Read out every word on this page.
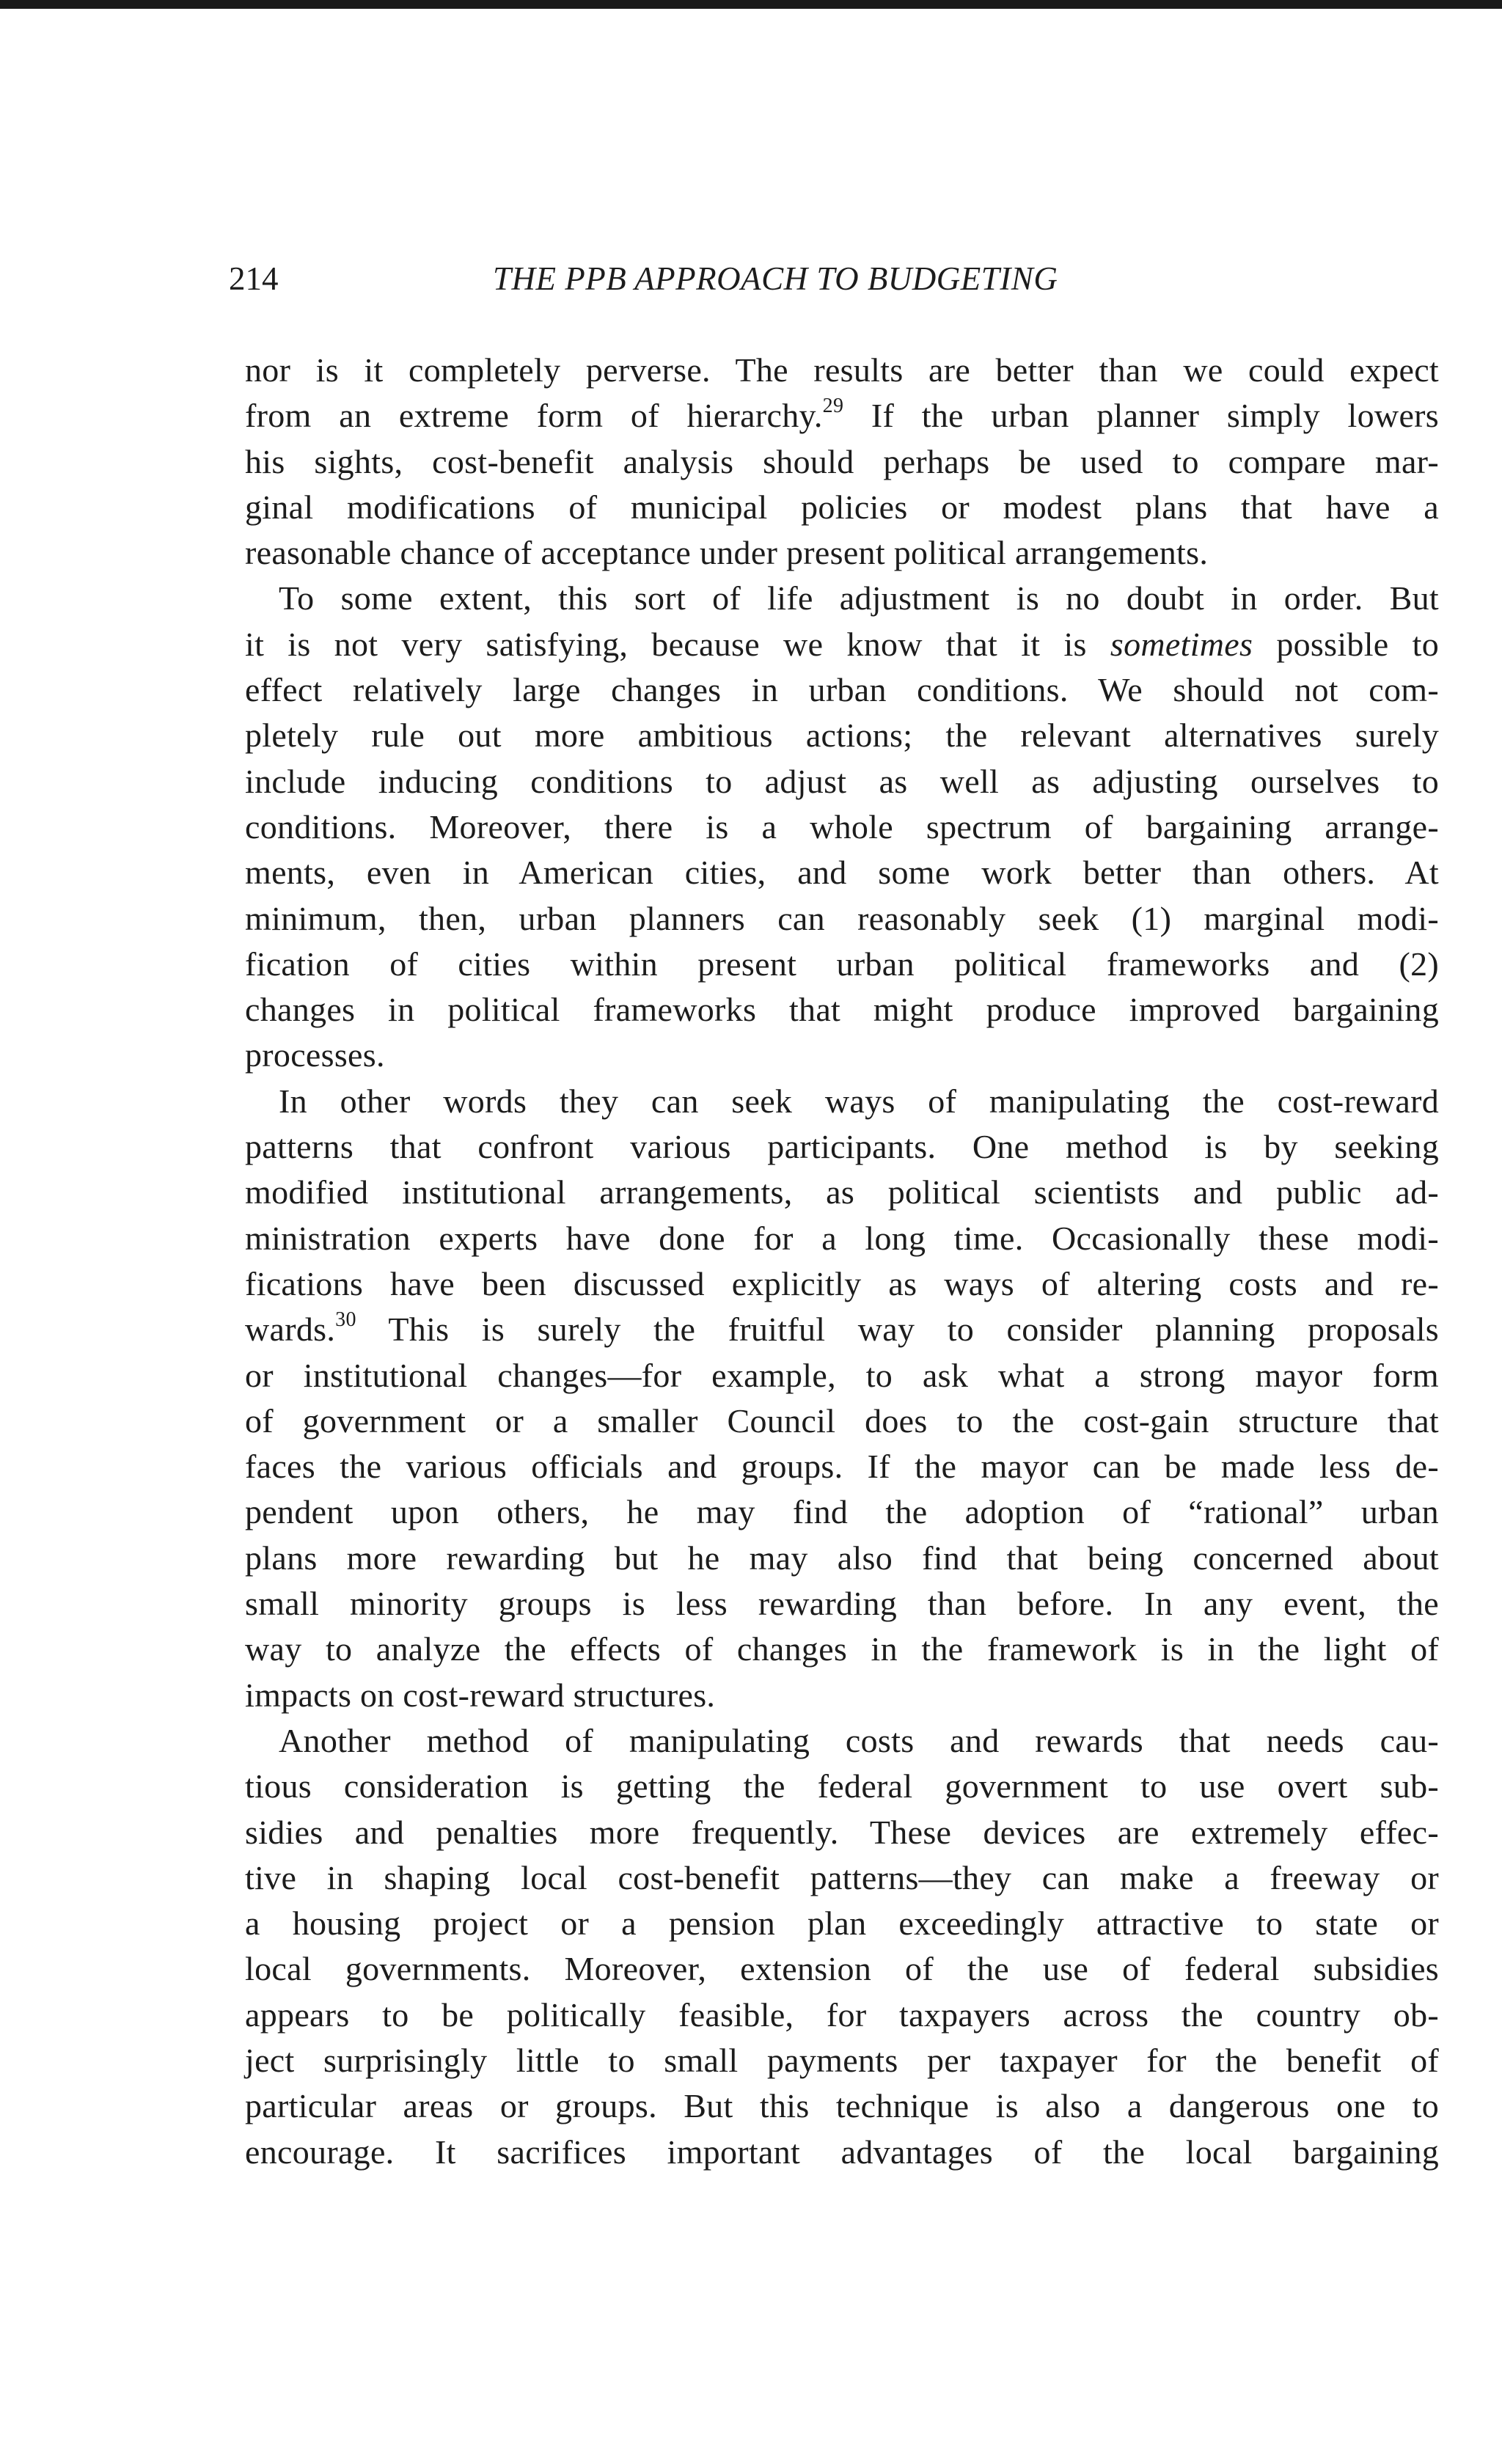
214	THE PPB APPROACH TO BUDGETING
nor is it completely perverse. The results are better than we could expect
from an extreme form of hierarchy.$^{29}$ If the urban planner simply lowers
his sights, cost-benefit analysis should perhaps be used to compare mar-
ginal modifications of municipal policies or modest plans that have a
reasonable chance of acceptance under present political arrangements.
To some extent, this sort of life adjustment is no doubt in order. But
it is not very satisfying, because we know that it is sometimes possible to
effect relatively large changes in urban conditions. We should not com-
pletely rule out more ambitious actions; the relevant alternatives surely
include inducing conditions to adjust as well as adjusting ourselves to
conditions. Moreover, there is a whole spectrum of bargaining arrange-
ments, even in American cities, and some work better than others. At
minimum, then, urban planners can reasonably seek (1) marginal modi-
fication of cities within present urban political frameworks and (2)
changes in political frameworks that might produce improved bargaining
processes.
In other words they can seek ways of manipulating the cost-reward
patterns that confront various participants. One method is by seeking
modified institutional arrangements, as political scientists and public ad-
ministration experts have done for a long time. Occasionally these modi-
fications have been discussed explicitly as ways of altering costs and re-
wards.$^{30}$ This is surely the fruitful way to consider planning proposals
or institutional changes—for example, to ask what a strong mayor form
of government or a smaller Council does to the cost-gain structure that
faces the various officials and groups. If the mayor can be made less de-
pendent upon others, he may find the adoption of “rational” urban
plans more rewarding but he may also find that being concerned about
small minority groups is less rewarding than before. In any event, the
way to analyze the effects of changes in the framework is in the light of
impacts on cost-reward structures.
Another method of manipulating costs and rewards that needs cau-
tious consideration is getting the federal government to use overt sub-
sidies and penalties more frequently. These devices are extremely effec-
tive in shaping local cost-benefit patterns—they can make a freeway or
a housing project or a pension plan exceedingly attractive to state or
local governments. Moreover, extension of the use of federal subsidies
appears to be politically feasible, for taxpayers across the country ob-
ject surprisingly little to small payments per taxpayer for the benefit of
particular areas or groups. But this technique is also a dangerous one to
encourage. It sacrifices important advantages of the local bargaining
